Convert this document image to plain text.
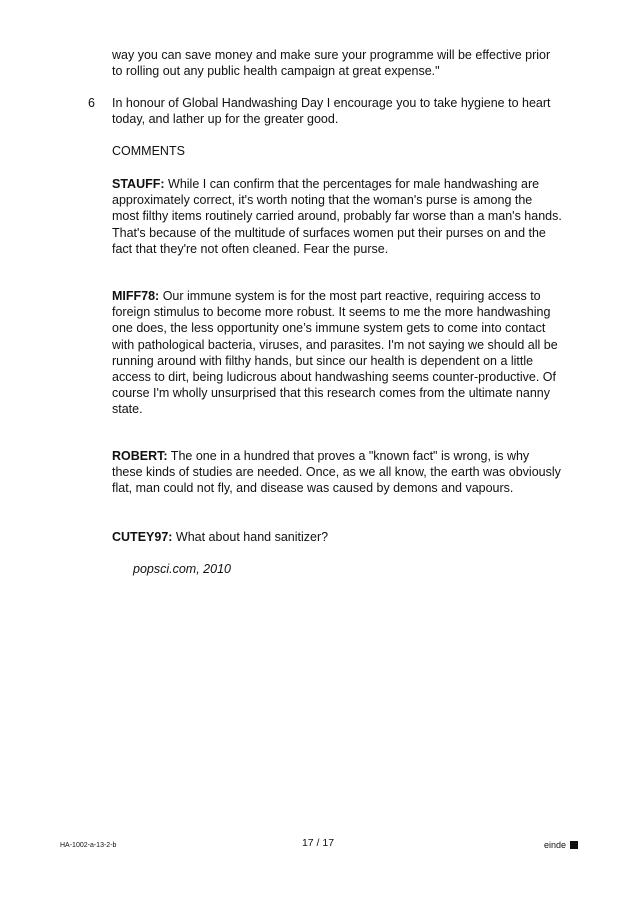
way you can save money and make sure your programme will be effective prior to rolling out any public health campaign at great expense."

6 In honour of Global Handwashing Day I encourage you to take hygiene to heart today, and lather up for the greater good.

COMMENTS

STAUFF: While I can confirm that the percentages for male handwashing are approximately correct, it's worth noting that the woman's purse is among the most filthy items routinely carried around, probably far worse than a man's hands. That's because of the multitude of surfaces women put their purses on and the fact that they're not often cleaned. Fear the purse.

MIFF78: Our immune system is for the most part reactive, requiring access to foreign stimulus to become more robust. It seems to me the more handwashing one does, the less opportunity one’s immune system gets to come into contact with pathological bacteria, viruses, and parasites. I'm not saying we should all be running around with filthy hands, but since our health is dependent on a little access to dirt, being ludicrous about handwashing seems counter-productive. Of course I'm wholly unsurprised that this research comes from the ultimate nanny state.

ROBERT: The one in a hundred that proves a "known fact" is wrong, is why these kinds of studies are needed. Once, as we all know, the earth was obviously flat, man could not fly, and disease was caused by demons and vapours.

CUTEY97: What about hand sanitizer?

popsci.com, 2010
HA-1002-a-13-2-b	17 / 17	einde
